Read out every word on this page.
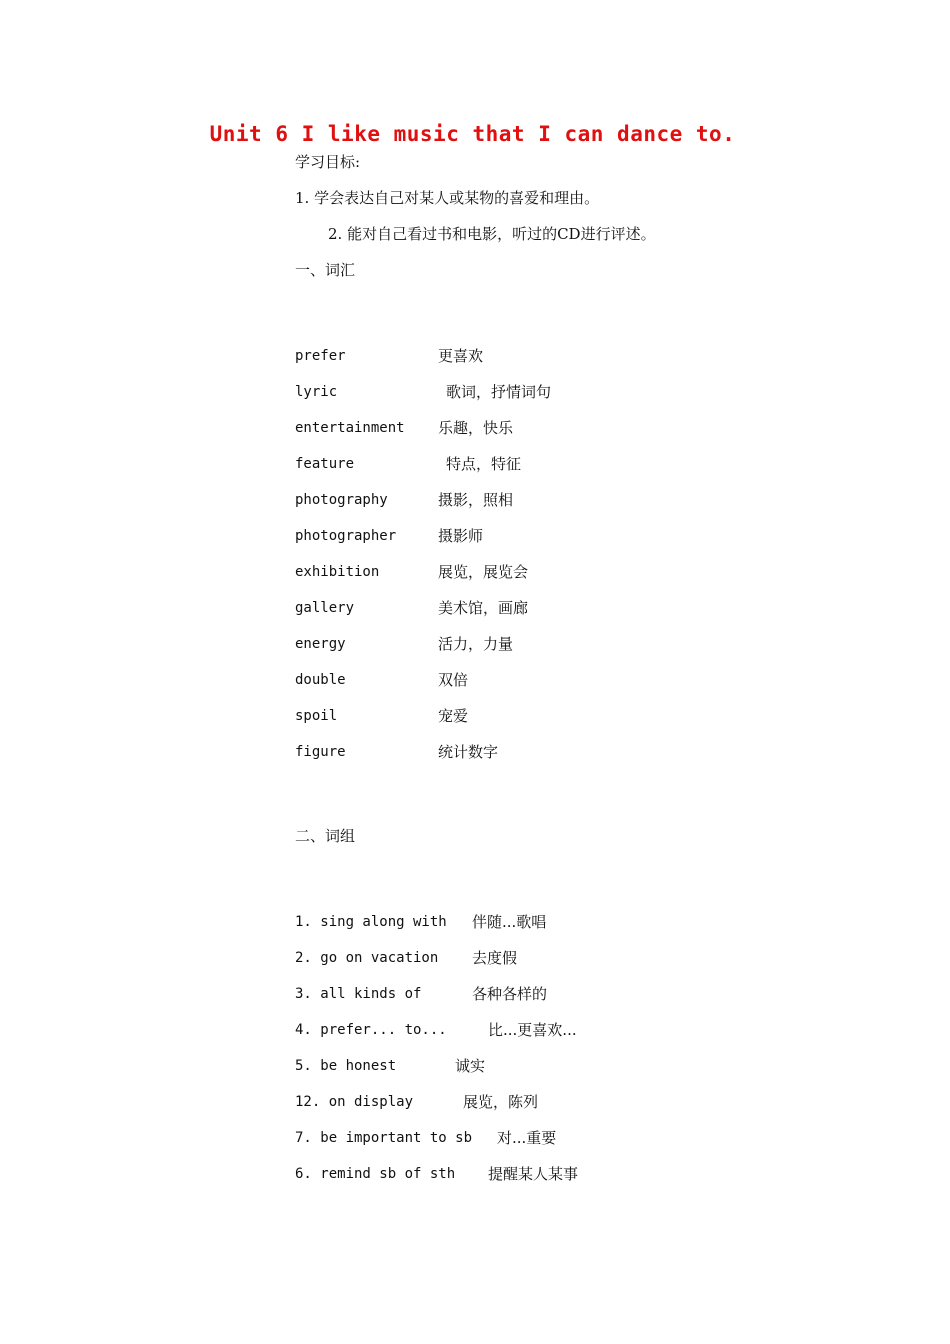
Unit 6 I like music that I can dance to.
学习目标:
1. 学会表达自己对某人或某物的喜爱和理由。
2. 能对自己看过书和电影，听过的CD进行评述。
一、词汇
prefer	更喜欢
lyric	歌词，抒情词句
entertainment 乐趣，快乐
feature	特点，特征
photography	摄影，照相
photographer	摄影师
exhibition	展览，展览会
gallery	美术馆，画廊
energy	活力，力量
double	双倍
spoil	宠爱
figure	统计数字
二、词组
1. sing along with 伴随...歌唱
2. go on vacation 去度假
3. all kinds of	各种各样的
4. prefer... to...	比...更喜欢...
5. be honest	诚实
12. on display	展览，陈列
7. be important to sb 对...重要
6. remind sb of sth 提醒某人某事
